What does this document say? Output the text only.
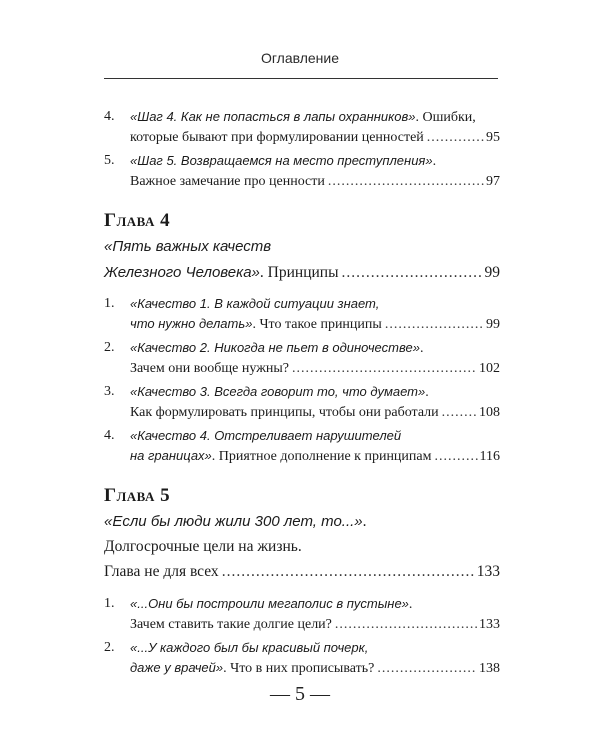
Оглавление
4. «Шаг 4. Как не попасться в лапы охранников» . Ошибки,
которые бывают при формулировании ценностей .....	95
5. «Шаг 5. Возвращаемся на место преступления» .
Важное замечание про ценности .....	97
Глава 4
«Пять важных качеств
Железного Человека» . Принципы .....	99
1. «Качество 1. В каждой ситуации знает,
что нужно делать» . Что такое принципы .....	99
2. «Качество 2. Никогда не пьет в одиночестве» .
Зачем они вообще нужны? .....	102
3. «Качество 3. Всегда говорит то, что думает» .
Как формулировать принципы, чтобы они работали .....	108
4. «Качество 4. Отстреливает нарушителей
на границах» . Приятное дополнение к принципам .....	116
Глава 5
«Если бы люди жили 300 лет, то...» .
Долгосрочные цели на жизнь.
Глава не для всех .....	133
1. «...Они бы построили мегаполис в пустыне» .
Зачем ставить такие долгие цели? .....	133
2. «...У каждого был бы красивый почерк,
даже у врачей» . Что в них прописывать? .....	138
— 5 —
